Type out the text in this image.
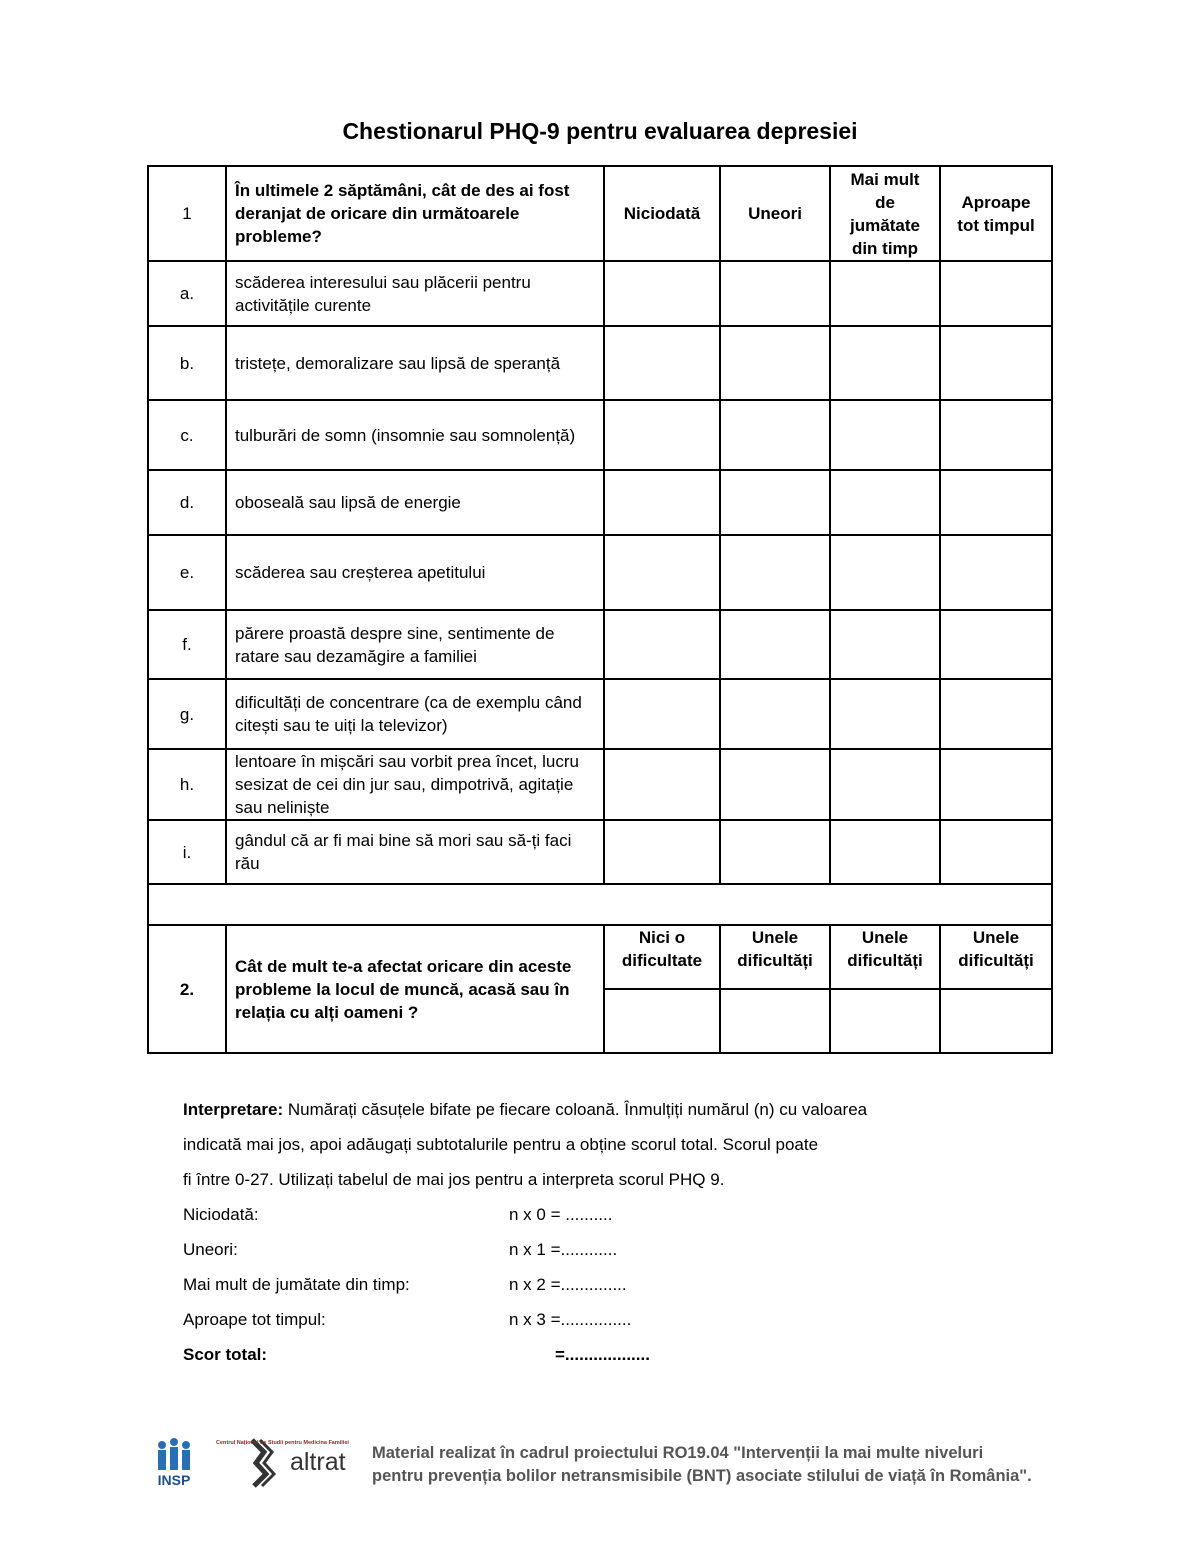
Chestionarul PHQ-9 pentru evaluarea depresiei
1	În ultimele 2 săptămâni, cât de des ai fost deranjat de oricare din următoarele probleme?	Niciodată	Uneori	Mai mult de jumătate din timp	Aproape tot timpul
a.	scăderea interesului sau plăcerii pentru activitățile curente				
b.	tristețe, demoralizare sau lipsă de speranță				
c.	tulburări de somn (insomnie sau somnolență)				
d.	oboseală sau lipsă de energie				
e.	scăderea sau creșterea apetitului				
f.	părere proastă despre sine, sentimente de ratare sau dezamăgire a familiei				
g.	dificultăți de concentrare (ca de exemplu când citești sau te uiți la televizor)				
h.	lentoare în mișcări sau vorbit prea încet, lucru sesizat de cei din jur sau, dimpotrivă, agitație sau neliniște				
i.	gândul că ar fi mai bine să mori sau să-ți faci rău				

2.	Cât de mult te-a afectat oricare din aceste probleme la locul de muncă, acasă sau în relația cu alți oameni ?	Nici o dificultate	Unele dificultăți	Unele dificultăți	Unele dificultăți

Interpretare: Numărați căsuțele bifate pe fiecare coloană. Înmulțiți numărul (n) cu valoarea

indicată mai jos, apoi adăugați subtotalurile pentru a obține scorul total. Scorul poate

fi între 0-27. Utilizați tabelul de mai jos pentru a interpreta scorul PHQ 9.

Niciodată:	n x 0 = ..........
Uneori:	n x 1 =............
Mai mult de jumătate din timp:	n x 2 =..............
Aproape tot timpul:	n x 3 =...............
Scor total:	=..................
INSP
Centrul Național de Studii pentru Medicina Familiei
altrat Material realizat în cadrul proiectului RO19.04 "Intervenții la mai multe niveluri
pentru prevenția bolilor netransmisibile (BNT) asociate stilului de viață în România".
